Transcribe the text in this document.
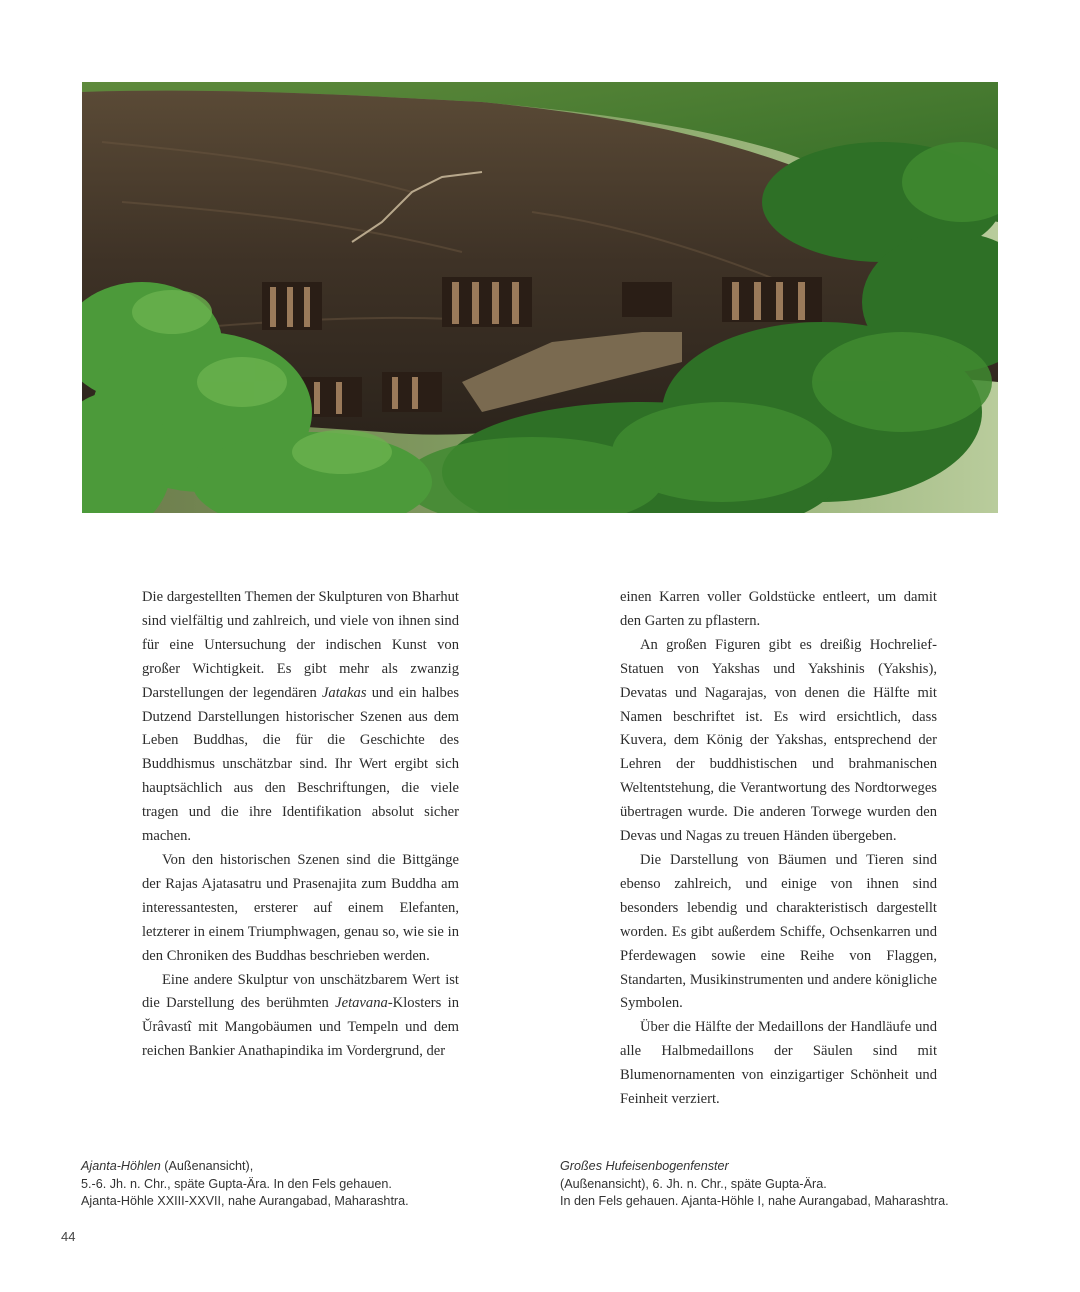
Die dargestellten Themen der Skulpturen von Bharhut sind vielfältig und zahlreich, und viele von ihnen sind für eine Untersuchung der indischen Kunst von großer Wichtigkeit. Es gibt mehr als zwanzig Darstellungen der legendären Jatakas und ein halbes Dutzend Darstellungen historischer Szenen aus dem Leben Buddhas, die für die Geschichte des Buddhismus unschätzbar sind. Ihr Wert ergibt sich hauptsächlich aus den Beschriftungen, die viele tragen und die ihre Identifikation absolut sicher machen.

Von den historischen Szenen sind die Bittgänge der Rajas Ajatasatru und Prasenajita zum Buddha am interessantesten, ersterer auf einem Elefanten, letzterer in einem Triumphwagen, genau so, wie sie in den Chroniken des Buddhas beschrieben werden.

Eine andere Skulptur von unschätzbarem Wert ist die Darstellung des berühmten Jetavana-Klosters in Ŭrâvastî mit Mangobäumen und Tempeln und dem reichen Bankier Anathapindika im Vordergrund, der

einen Karren voller Goldstücke entleert, um damit den Garten zu pflastern.

An großen Figuren gibt es dreißig Hochrelief-Statuen von Yakshas und Yakshinis (Yakshis), Devatas und Nagarajas, von denen die Hälfte mit Namen beschriftet ist. Es wird ersichtlich, dass Kuvera, dem König der Yakshas, entsprechend der Lehren der buddhistischen und brahmanischen Weltentstehung, die Verantwortung des Nordtorweges übertragen wurde. Die anderen Torwege wurden den Devas und Nagas zu treuen Händen übergeben.

Die Darstellung von Bäumen und Tieren sind ebenso zahlreich, und einige von ihnen sind besonders lebendig und charakteristisch dargestellt worden. Es gibt außerdem Schiffe, Ochsenkarren und Pferdewagen sowie eine Reihe von Flaggen, Standarten, Musikinstrumenten und andere königliche Symbolen.

Über die Hälfte der Medaillons der Handläufe und alle Halbmedaillons der Säulen sind mit Blumenornamenten von einzigartiger Schönheit und Feinheit verziert.

Ajanta-Höhlen (Außenansicht),
5.-6. Jh. n. Chr., späte Gupta-Ära. In den Fels gehauen.
Ajanta-Höhle XXIII-XXVII, nahe Aurangabad, Maharashtra.
Großes Hufeisenbogenfenster
(Außenansicht), 6. Jh. n. Chr., späte Gupta-Ära.
In den Fels gehauen. Ajanta-Höhle I, nahe Aurangabad, Maharashtra.
44
